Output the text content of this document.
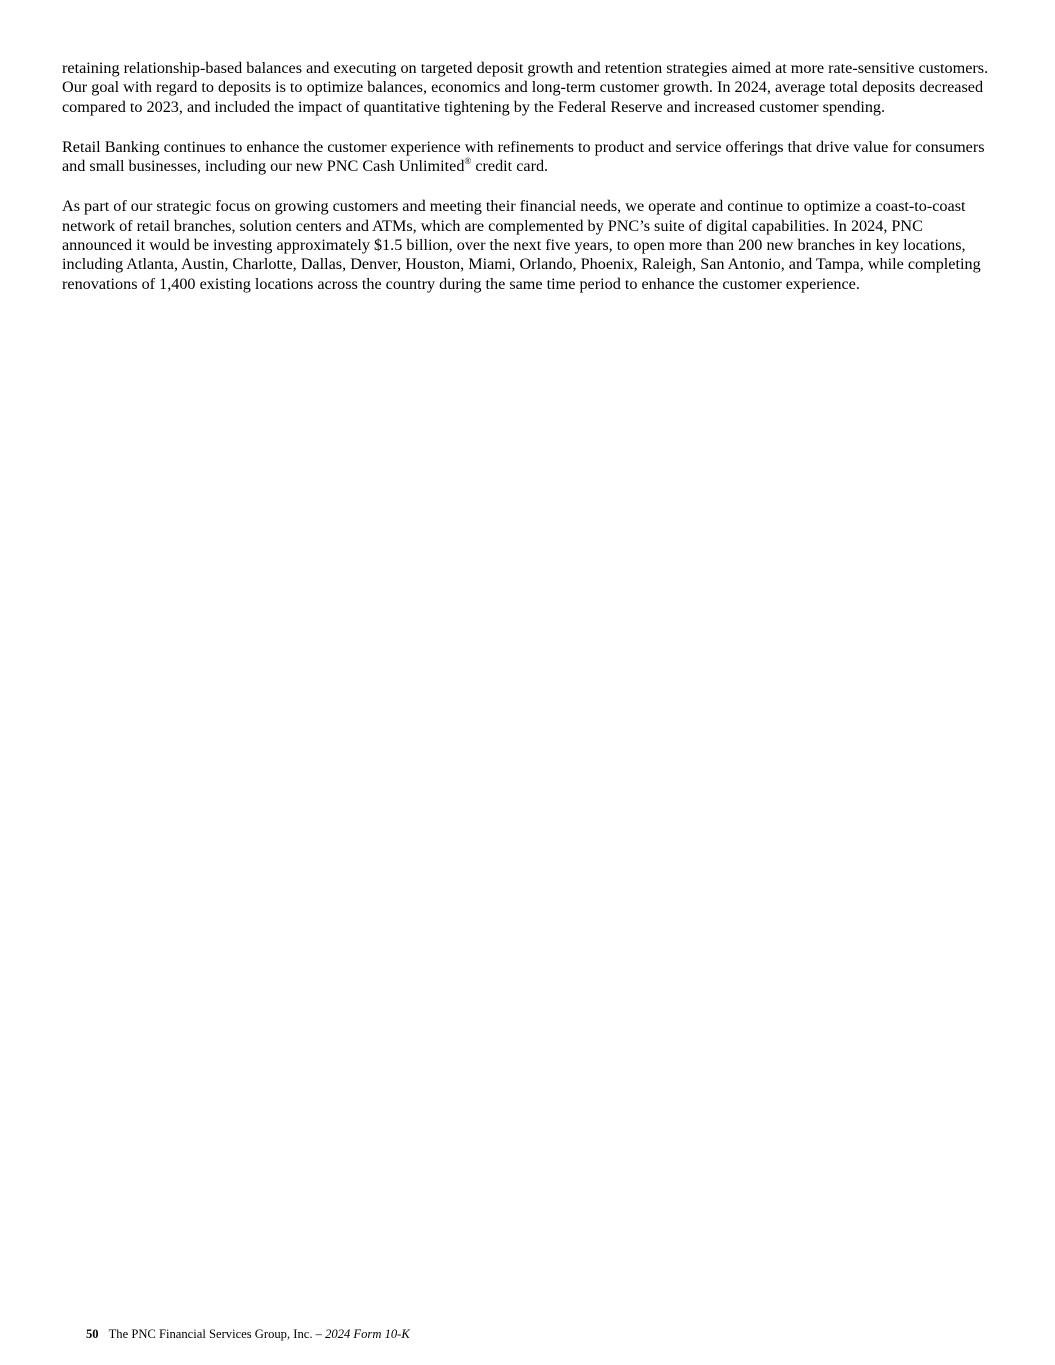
retaining relationship-based balances and executing on targeted deposit growth and retention strategies aimed at more rate-sensitive customers. Our goal with regard to deposits is to optimize balances, economics and long-term customer growth. In 2024, average total deposits decreased compared to 2023, and included the impact of quantitative tightening by the Federal Reserve and increased customer spending.

Retail Banking continues to enhance the customer experience with refinements to product and service offerings that drive value for consumers and small businesses, including our new PNC Cash Unlimited® credit card.

As part of our strategic focus on growing customers and meeting their financial needs, we operate and continue to optimize a coast-to-coast network of retail branches, solution centers and ATMs, which are complemented by PNC’s suite of digital capabilities. In 2024, PNC announced it would be investing approximately $1.5 billion, over the next five years, to open more than 200 new branches in key locations, including Atlanta, Austin, Charlotte, Dallas, Denver, Houston, Miami, Orlando, Phoenix, Raleigh, San Antonio, and Tampa, while completing renovations of 1,400 existing locations across the country during the same time period to enhance the customer experience.

50 The PNC Financial Services Group, Inc. – 2024 Form 10-K
